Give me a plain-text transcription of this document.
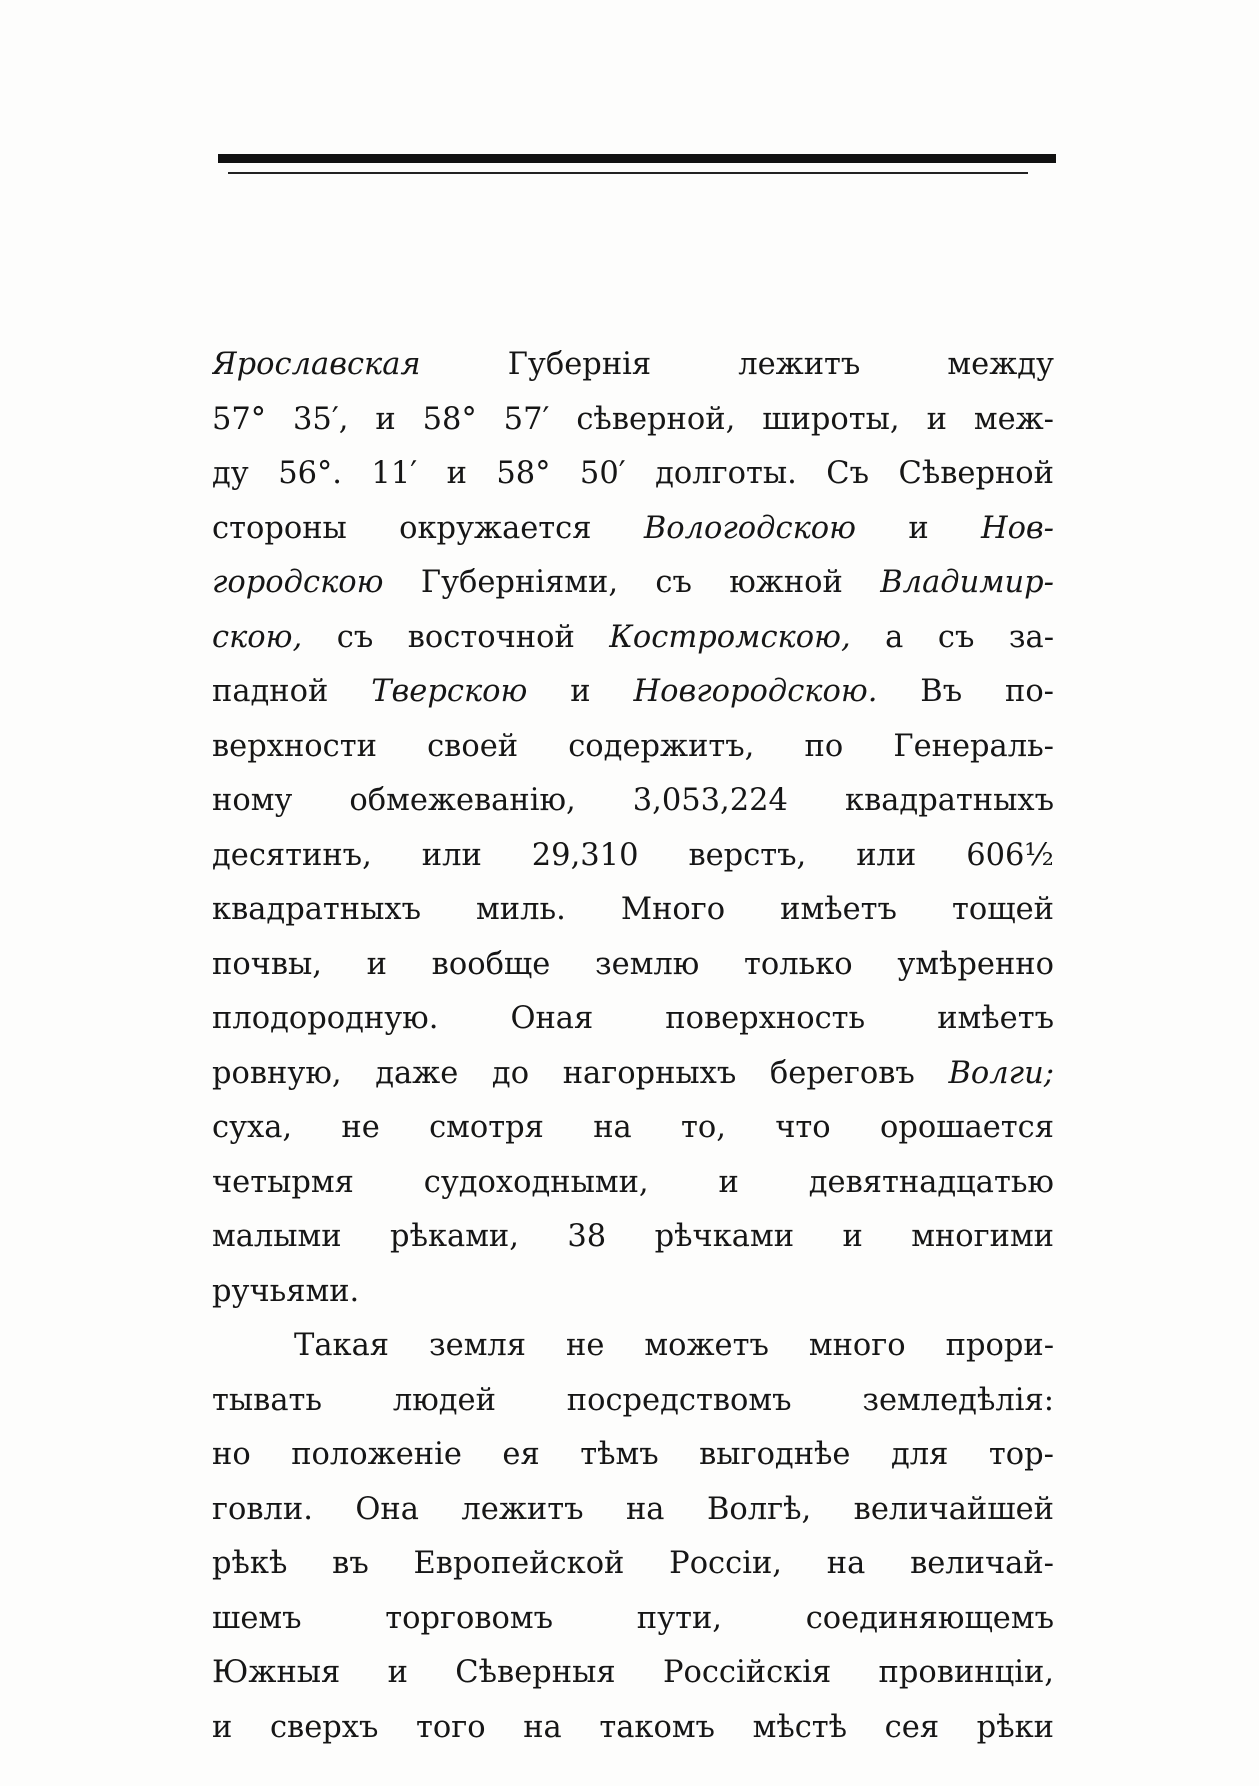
Ярославская Губернія лежитъ между
57° 35′, и 58° 57′ сѣверной, широты, и меж-
ду 56°. 11′ и 58° 50′ долготы. Съ Сѣверной
стороны окружается Вологодскою и Нов-
городскою Губерніями, съ южной Владимир-
скою, съ восточной Костромскою, а съ за-
падной Тверскою и Новгородскою. Въ по-
верхности своей содержитъ, по Генераль-
ному обмежеванію, 3,053,224 квадратныхъ
десятинъ, или 29,310 верстъ, или 606½
квадратныхъ миль. Много имѣетъ тощей
почвы, и вообще землю только умѣренно
плодородную. Оная поверхность имѣетъ
ровную, даже до нагорныхъ береговъ Волги;
суха, не смотря на то, что орошается
четырмя судоходными, и девятнадцатью
малыми рѣками, 38 рѣчками и многими
ручьями.
Такая земля не можетъ много прopи-
тывать людей посредствомъ земледѣлія:
но положеніе ея тѣмъ выгоднѣе для тор-
говли. Она лежитъ на Волгѣ, величайшей
рѣкѣ въ Европейской Россіи, на величай-
шемъ торговомъ пути, соединяющемъ
Южныя и Сѣверныя Россійскія провинціи,
и сверхъ того на такомъ мѣстѣ сея рѣки
